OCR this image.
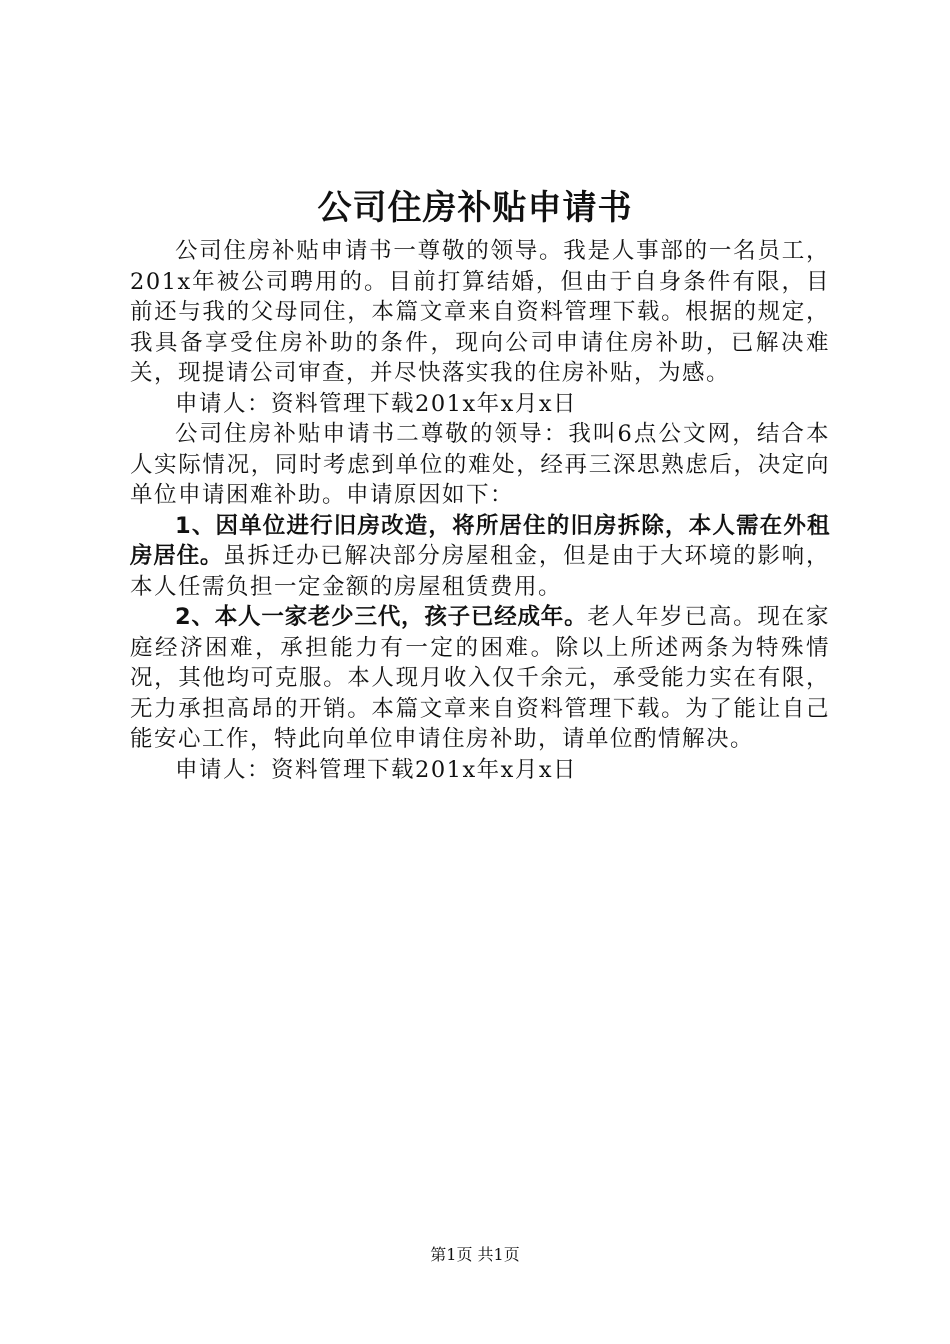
公司住房补贴申请书

公司住房补贴申请书一尊敬的领导。我是人事部的一名员工，201x年被公司聘用的。目前打算结婚，但由于自身条件有限，目前还与我的父母同住，本篇文章来自资料管理下载。根据的规定，我具备享受住房补助的条件，现向公司申请住房补助，已解决难关，现提请公司审查，并尽快落实我的住房补贴，为感。

申请人：资料管理下载201x年x月x日

公司住房补贴申请书二尊敬的领导：我叫6点公文网，结合本人实际情况，同时考虑到单位的难处，经再三深思熟虑后，决定向单位申请困难补助。申请原因如下：

1、因单位进行旧房改造，将所居住的旧房拆除，本人需在外租房居住。虽拆迁办已解决部分房屋租金，但是由于大环境的影响，本人任需负担一定金额的房屋租赁费用。

2、本人一家老少三代，孩子已经成年。老人年岁已高。现在家庭经济困难，承担能力有一定的困难。除以上所述两条为特殊情况，其他均可克服。本人现月收入仅千余元，承受能力实在有限，无力承担高昂的开销。本篇文章来自资料管理下载。为了能让自己能安心工作，特此向单位申请住房补助，请单位酌情解决。

申请人：资料管理下载201x年x月x日

第1页 共1页
